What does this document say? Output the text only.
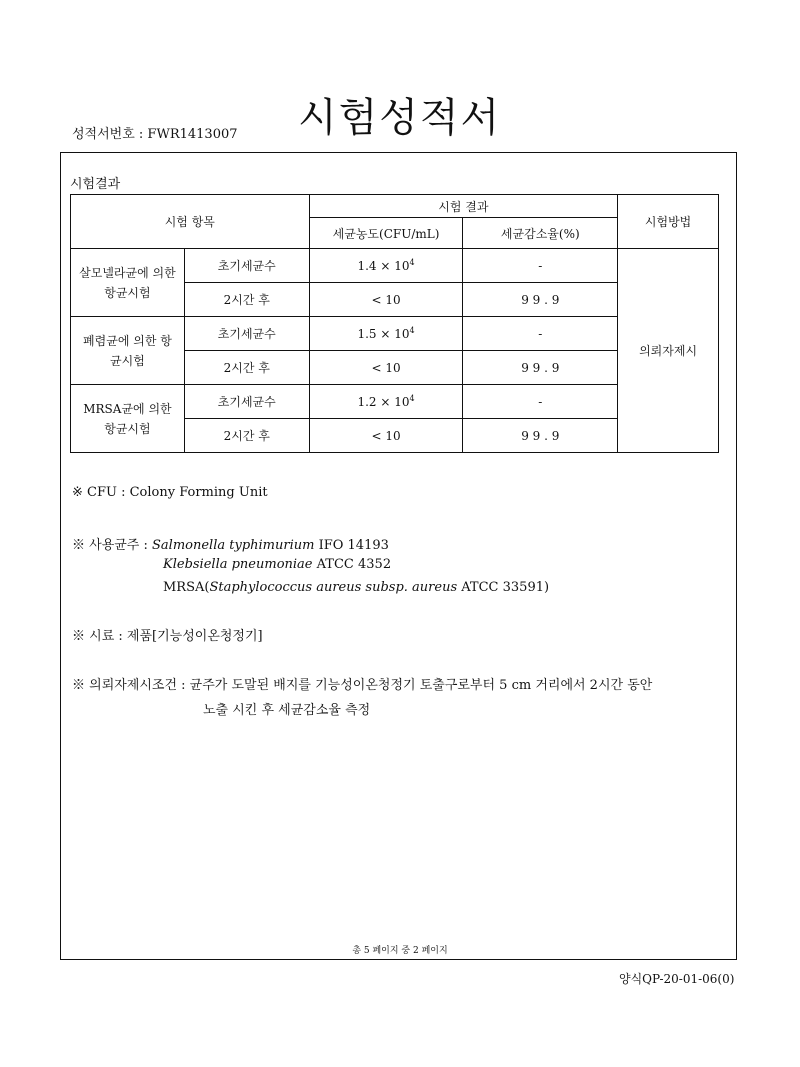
시험성적서
성적서번호 : FWR1413007
시험결과
시험 항목		시험 결과		시험방법
		세균농도(CFU/mL)	세균감소율(%)	
살모넬라균에 의한 항균시험	초기세균수	$1.4 \times 10^4$	-	의뢰자제시
	2시간 후	< 10	9 9 . 9	
폐렴균에 의한 항균시험	초기세균수	$1.5 \times 10^4$	-	
	2시간 후	< 10	9 9 . 9	
MRSA균에 의한 항균시험	초기세균수	$1.2 \times 10^4$	-	
	2시간 후	< 10	9 9 . 9	
※ CFU : Colony Forming Unit
※ 사용균주 : Salmonella typhimurium IFO 14193
Klebsiella pneumoniae ATCC 4352
MRSA(Staphylococcus aureus subsp. aureus ATCC 33591)
※ 시료 : 제품[기능성이온청정기]
※ 의뢰자제시조건 : 균주가 도말된 배지를 기능성이온청정기 토출구로부터 5 cm 거리에서 2시간 동안
노출 시킨 후 세균감소율 측정
총 5 페이지 중 2 페이지
양식QP-20-01-06(0)
